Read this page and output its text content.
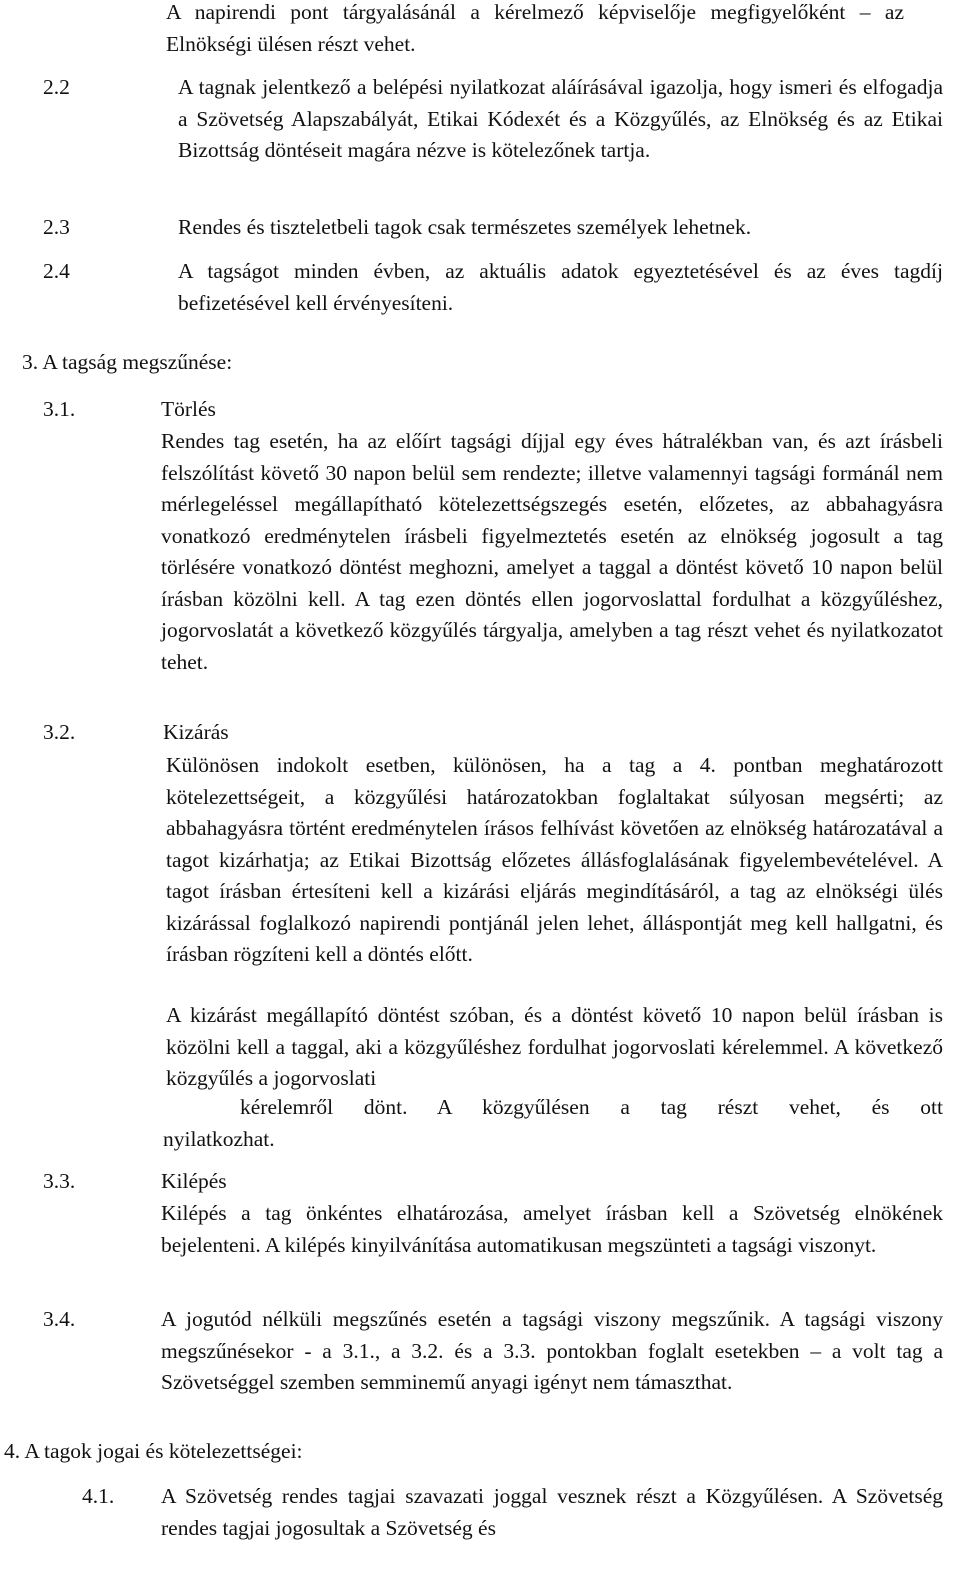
A napirendi pont tárgyalásánál a kérelmező képviselője megfigyelőként – az Elnökségi ülésen részt vehet.
2.2	A tagnak jelentkező a belépési nyilatkozat aláírásával igazolja, hogy ismeri és elfogadja a Szövetség Alapszabályát, Etikai Kódexét és a Közgyűlés, az Elnökség és az Etikai Bizottság döntéseit magára nézve is kötelezőnek tartja.
2.3	Rendes és tiszteletbeli tagok csak természetes személyek lehetnek.
2.4	A tagságot minden évben, az aktuális adatok egyeztetésével és az éves tagdíj befizetésével kell érvényesíteni.
3. A tagság megszűnése:
3.1.	Törlés
Rendes tag esetén, ha az előírt tagsági díjjal egy éves hátralékban van, és azt írásbeli felszólítást követő 30 napon belül sem rendezte; illetve valamennyi tagsági formánál nem mérlegeléssel megállapítható kötelezettségszegés esetén, előzetes, az abbahagyásra vonatkozó eredménytelen írásbeli figyelmeztetés esetén az elnökség jogosult a tag törlésére vonatkozó döntést meghozni, amelyet a taggal a döntést követő 10 napon belül írásban közölni kell. A tag ezen döntés ellen jogorvoslattal fordulhat a közgyűléshez, jogorvoslatát a következő közgyűlés tárgyalja, amelyben a tag részt vehet és nyilatkozatot tehet.
3.2.	Kizárás
Különösen indokolt esetben, különösen, ha a tag a 4. pontban meghatározott kötelezettségeit, a közgyűlési határozatokban foglaltakat súlyosan megsérti; az abbahagyásra történt eredménytelen írásos felhívást követően az elnökség határozatával a tagot kizárhatja; az Etikai Bizottság előzetes állásfoglalásának figyelembevételével. A tagot írásban értesíteni kell a kizárási eljárás megindításáról, a tag az elnökségi ülés kizárással foglalkozó napirendi pontjánál jelen lehet, álláspontját meg kell hallgatni, és írásban rögzíteni kell a döntés előtt.
A kizárást megállapító döntést szóban, és a döntést követő 10 napon belül írásban is közölni kell a taggal, aki a közgyűléshez fordulhat jogorvoslati kérelemmel. A következő közgyűlés a jogorvoslati
kérelemről dönt. A közgyűlésen a tag részt vehet, és ott
nyilatkozhat.
3.3.	Kilépés
Kilépés a tag önkéntes elhatározása, amelyet írásban kell a Szövetség elnökének bejelenteni. A kilépés kinyilvánítása automatikusan megszünteti a tagsági viszonyt.
3.4.	A jogutód nélküli megszűnés esetén a tagsági viszony megszűnik. A tagsági viszony megszűnésekor - a 3.1., a 3.2. és a 3.3. pontokban foglalt esetekben – a volt tag a Szövetséggel szemben semminemű anyagi igényt nem támaszthat.
4. A tagok jogai és kötelezettségei:
4.1. A Szövetség rendes tagjai szavazati joggal vesznek részt a Közgyűlésen. A Szövetség rendes tagjai jogosultak a Szövetség és
